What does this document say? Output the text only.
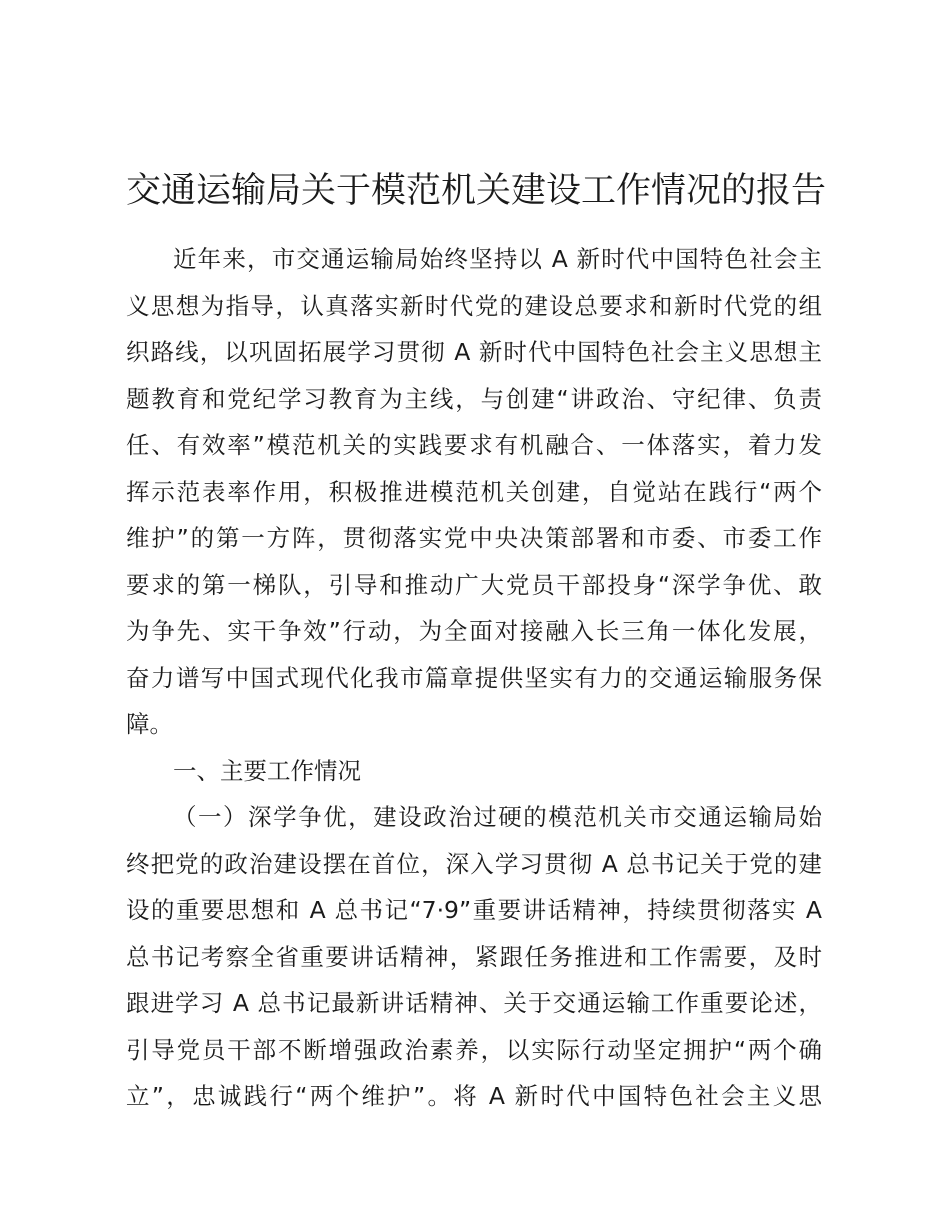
交通运输局关于模范机关建设工作情况的报告
近年来，市交通运输局始终坚持以 A 新时代中国特色社会主
义思想为指导，认真落实新时代党的建设总要求和新时代党的组
织路线，以巩固拓展学习贯彻 A 新时代中国特色社会主义思想主
题教育和党纪学习教育为主线，与创建“讲政治、守纪律、负责
任、有效率”模范机关的实践要求有机融合、一体落实，着力发
挥示范表率作用，积极推进模范机关创建，自觉站在践行“两个
维护”的第一方阵，贯彻落实党中央决策部署和市委、市委工作
要求的第一梯队，引导和推动广大党员干部投身“深学争优、敢
为争先、实干争效”行动，为全面对接融入长三角一体化发展，
奋力谱写中国式现代化我市篇章提供坚实有力的交通运输服务保
障。
一、主要工作情况
（一）深学争优，建设政治过硬的模范机关市交通运输局始
终把党的政治建设摆在首位，深入学习贯彻 A 总书记关于党的建
设的重要思想和 A 总书记“7·9”重要讲话精神，持续贯彻落实 A
总书记考察全省重要讲话精神，紧跟任务推进和工作需要，及时
跟进学习 A 总书记最新讲话精神、关于交通运输工作重要论述，
引导党员干部不断增强政治素养，以实际行动坚定拥护“两个确
立”，忠诚践行“两个维护”。将 A 新时代中国特色社会主义思
